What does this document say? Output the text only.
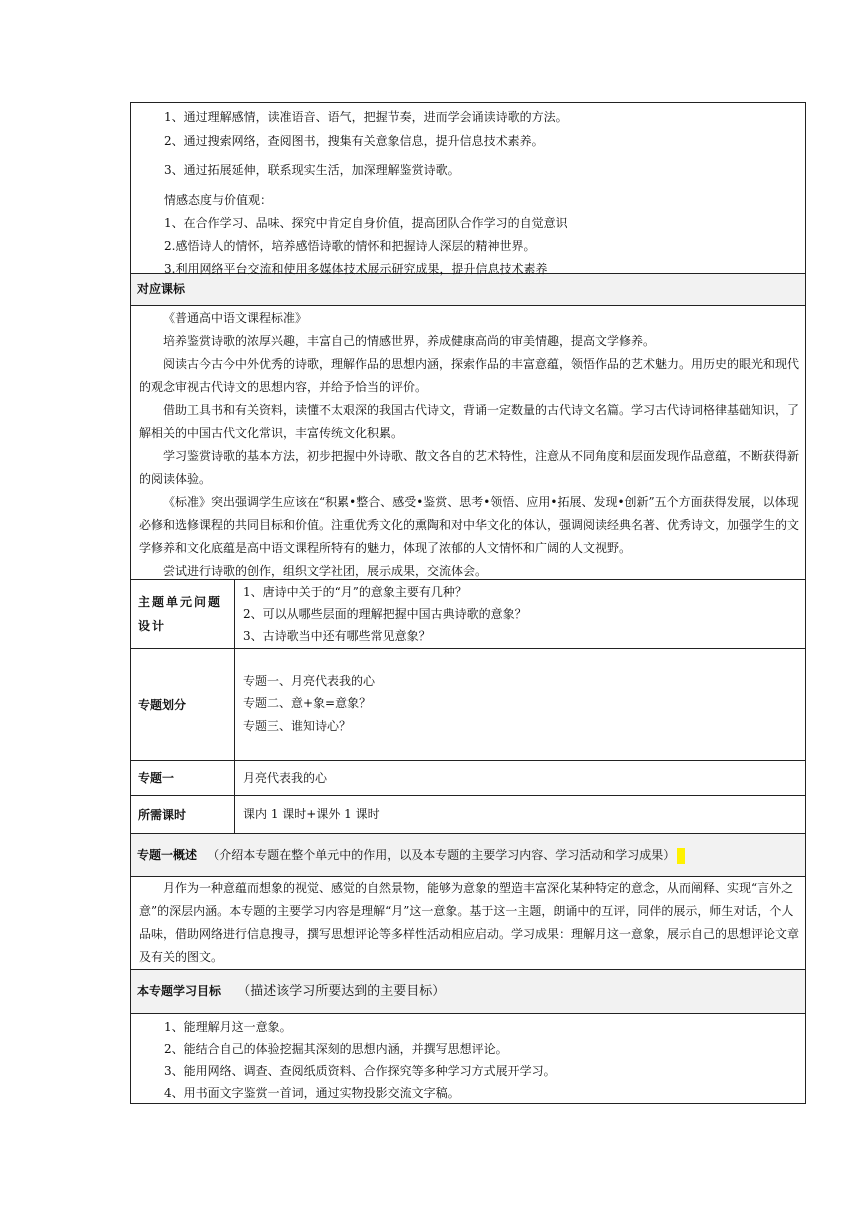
1、通过理解感情，读准语音、语气，把握节奏，进而学会诵读诗歌的方法。
2、通过搜索网络，查阅图书，搜集有关意象信息，提升信息技术素养。
3、通过拓展延伸，联系现实生活，加深理解鉴赏诗歌。
情感态度与价值观：
1、在合作学习、品味、探究中肯定自身价值，提高团队合作学习的自觉意识
2.感悟诗人的情怀，培养感悟诗歌的情怀和把握诗人深层的精神世界。
3.利用网络平台交流和使用多媒体技术展示研究成果，提升信息技术素养
对应课标
《普通高中语文课程标准》
培养鉴赏诗歌的浓厚兴趣，丰富自己的情感世界，养成健康高尚的审美情趣，提高文学修养。
阅读古今古今中外优秀的诗歌，理解作品的思想内涵，探索作品的丰富意蕴，领悟作品的艺术魅力。用历史的眼光和现代的观念审视古代诗文的思想内容，并给予恰当的评价。
借助工具书和有关资料，读懂不太艰深的我国古代诗文，背诵一定数量的古代诗文名篇。学习古代诗词格律基础知识，了解相关的中国古代文化常识，丰富传统文化积累。
学习鉴赏诗歌的基本方法，初步把握中外诗歌、散文各自的艺术特性，注意从不同角度和层面发现作品意蕴，不断获得新的阅读体验。
《标准》突出强调学生应该在“积累•整合、感受•鉴赏、思考•领悟、应用•拓展、发现•创新”五个方面获得发展，以体现必修和选修课程的共同目标和价值。注重优秀文化的熏陶和对中华文化的体认，强调阅读经典名著、优秀诗文，加强学生的文学修养和文化底蕴是高中语文课程所特有的魅力，体现了浓郁的人文情怀和广阔的人文视野。
尝试进行诗歌的创作，组织文学社团，展示成果，交流体会。
主题单元问题设计
1、唐诗中关于的“月”的意象主要有几种？
2、可以从哪些层面的理解把握中国古典诗歌的意象？
3、古诗歌当中还有哪些常见意象？
专题划分
专题一、月亮代表我的心
专题二、意+象=意象？
专题三、谁知诗心？
专题一	月亮代表我的心
所需课时	课内 1 课时+课外 1 课时
专题一概述 （介绍本专题在整个单元中的作用，以及本专题的主要学习内容、学习活动和学习成果）
月作为一种意蕴而想象的视觉、感觉的自然景物，能够为意象的塑造丰富深化某种特定的意念，从而阐释、实现“言外之意”的深层内涵。本专题的主要学习内容是理解“月”这一意象。基于这一主题，朗诵中的互评，同伴的展示，师生对话，个人品味，借助网络进行信息搜寻，撰写思想评论等多样性活动相应启动。学习成果：理解月这一意象，展示自己的思想评论文章及有关的图文。
本专题学习目标 （描述该学习所要达到的主要目标）
1、能理解月这一意象。
2、能结合自己的体验挖掘其深刻的思想内涵，并撰写思想评论。
3、能用网络、调查、查阅纸质资料、合作探究等多种学习方式展开学习。
4、用书面文字鉴赏一首词，通过实物投影交流文字稿。
